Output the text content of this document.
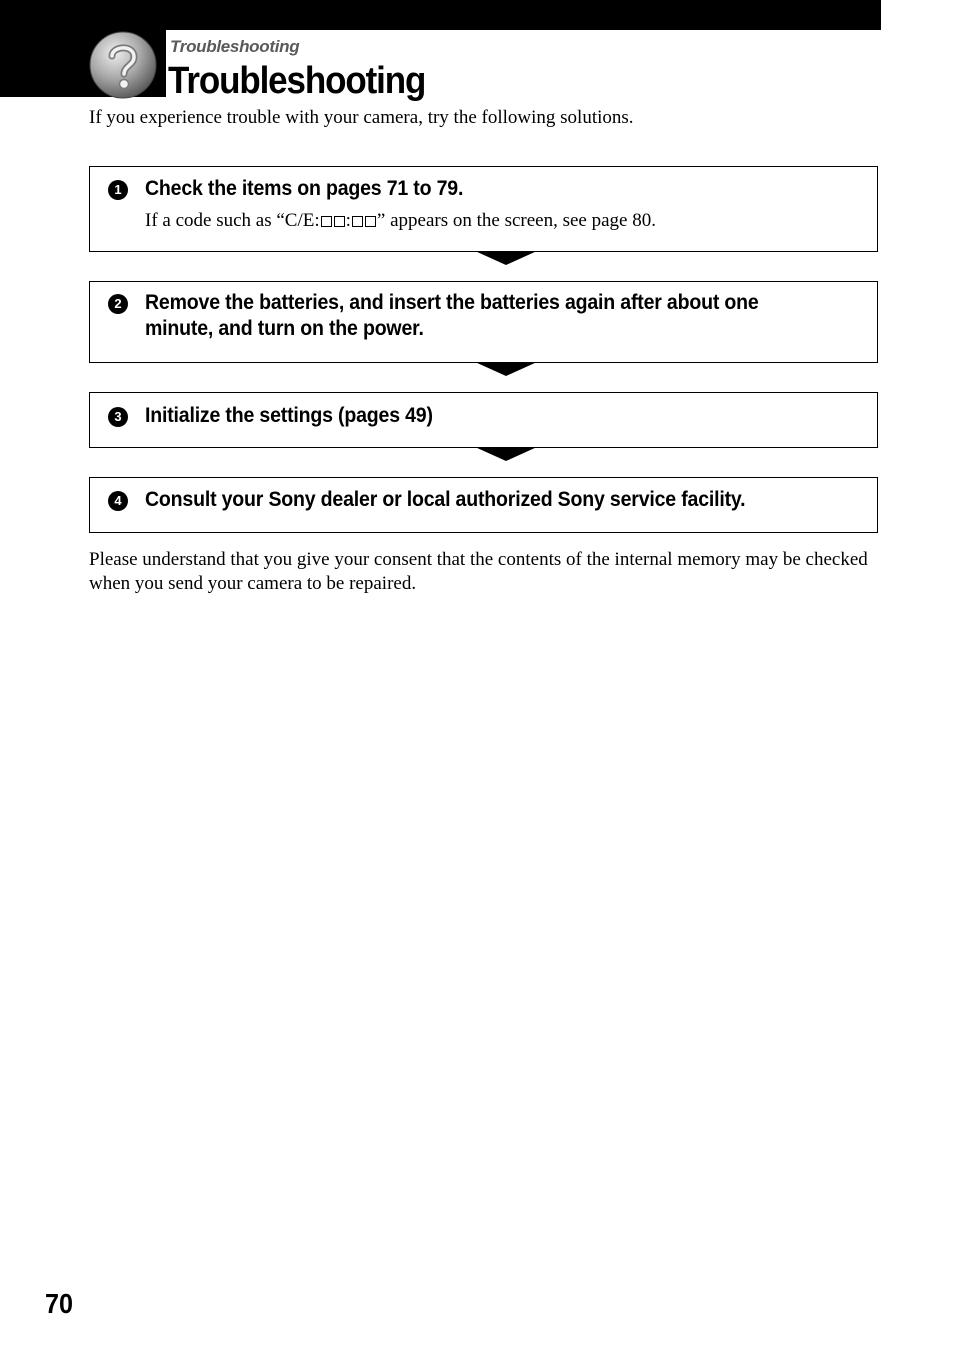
Troubleshooting
Troubleshooting
If you experience trouble with your camera, try the following solutions.
1	Check the items on pages 71 to 79.
If a code such as “C/E: : ” appears on the screen, see page 80.
2	Remove the batteries, and insert the batteries again after about one
minute, and turn on the power.
3	Initialize the settings (pages 49)
4	Consult your Sony dealer or local authorized Sony service facility.
Please understand that you give your consent that the contents of the internal memory may be checked when you send your camera to be repaired.
70
